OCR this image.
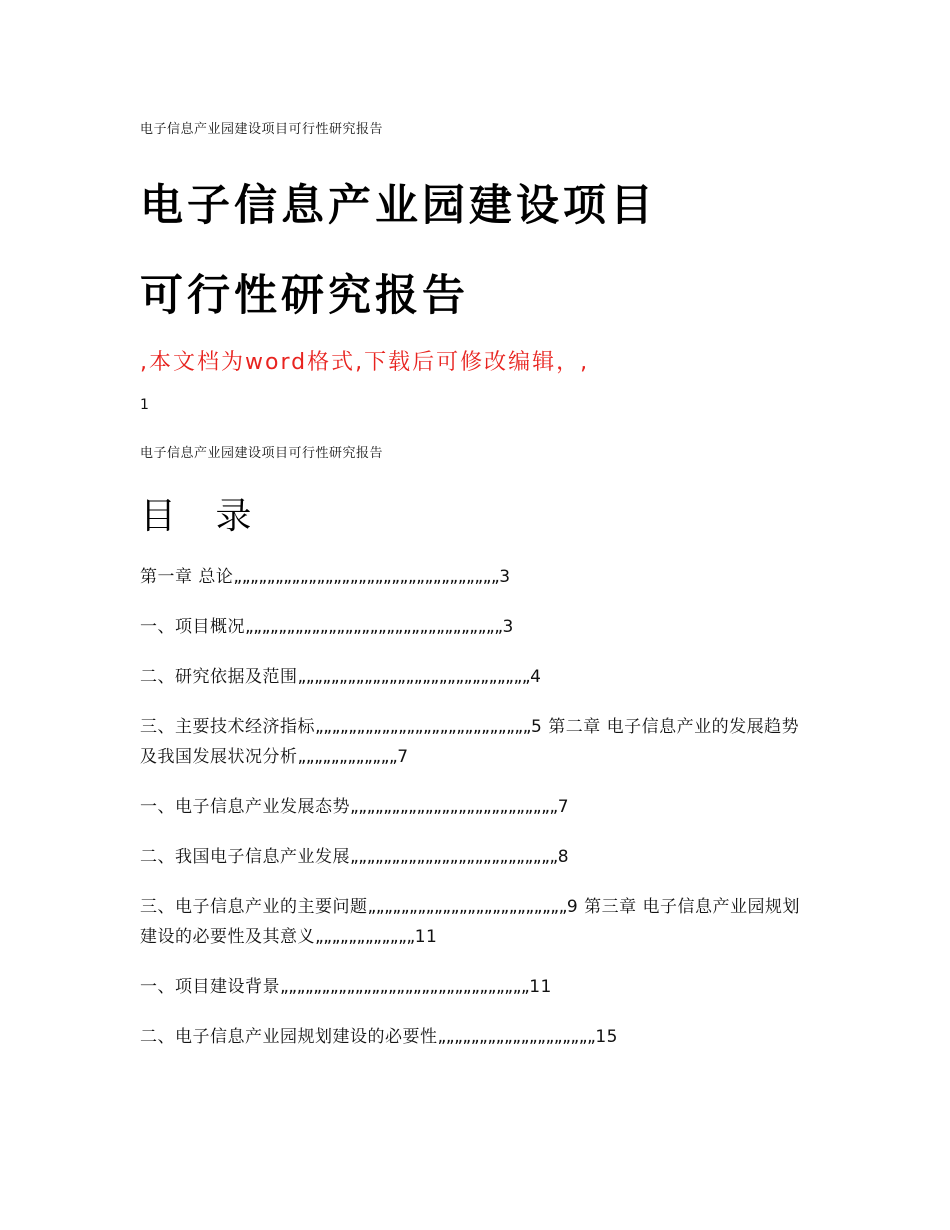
电子信息产业园建设项目可行性研究报告
电子信息产业园建设项目
可行性研究报告
,本文档为word格式,下载后可修改编辑，,
1
电子信息产业园建设项目可行性研究报告
目 录

第一章 总论„„„„„„„„„„„„„„„„„„„„„„„„„„„„„„„„3

一、项目概况„„„„„„„„„„„„„„„„„„„„„„„„„„„„„„„3

二、研究依据及范围„„„„„„„„„„„„„„„„„„„„„„„„„„„„4

三、主要技术经济指标„„„„„„„„„„„„„„„„„„„„„„„„„„5 第二章 电子信息产业的发展趋势及我国发展状况分析„„„„„„„„„„„„7

一、电子信息产业发展态势„„„„„„„„„„„„„„„„„„„„„„„„„7

二、我国电子信息产业发展„„„„„„„„„„„„„„„„„„„„„„„„„8

三、电子信息产业的主要问题„„„„„„„„„„„„„„„„„„„„„„„„9 第三章 电子信息产业园规划建设的必要性及其意义„„„„„„„„„„„„11

一、项目建设背景„„„„„„„„„„„„„„„„„„„„„„„„„„„„„„11

二、电子信息产业园规划建设的必要性„„„„„„„„„„„„„„„„„„„15
